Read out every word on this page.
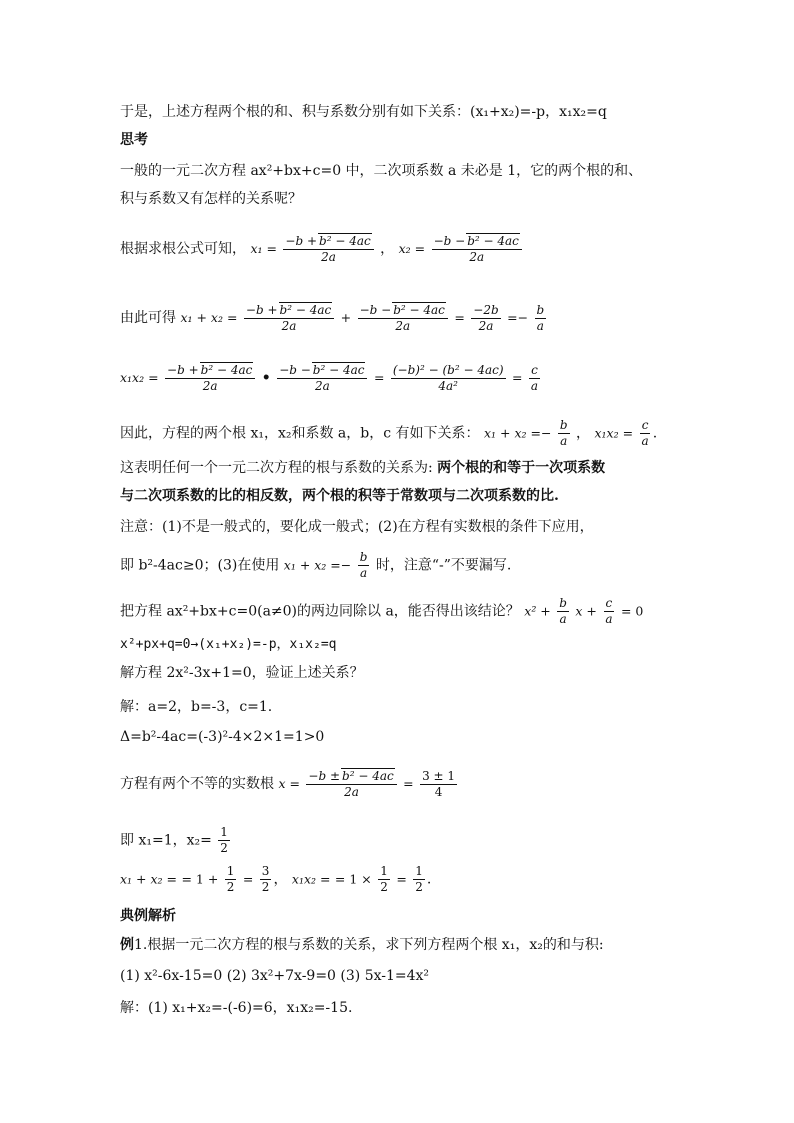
于是，上述方程两个根的和、积与系数分别有如下关系：(x₁+x₂)=-p，x₁x₂=q
思考
一般的一元二次方程 ax²+bx+c=0 中，二次项系数 a 未必是 1，它的两个根的和、
积与系数又有怎样的关系呢？
根据求根公式可知， $x_1 = \frac{\text{−b + b² − 4ac}}{2a}$ ， $x_2 = \frac{\text{−b − b² − 4ac}}{2a}$
由此可得 $x_1 + x_2 = \frac{\text{−b + b² − 4ac}}{2a} + \frac{\text{−b − b² − 4ac}}{2a} = \frac{-2b}{2a} =- \frac{b}{a}$
$x_1x_2 = \frac{\text{−b + b² − 4ac}}{2a}$ • $\frac{\text{−b − b² − 4ac}}{2a} = \frac{\text{(−b)² − (b² − 4ac)}}{\text{4a²}} = \frac{c}{a}$
因此，方程的两个根 x₁，x₂和系数 a，b，c 有如下关系： $x_1 + x_2 =- \frac{b}{a}$ ， $x_1x_2 = \frac{c}{a}$ .
这表明任何一个一元二次方程的根与系数的关系为: 两个根的和等于一次项系数
与二次项系数的比的相反数，两个根的积等于常数项与二次项系数的比.
注意：(1)不是一般式的，要化成一般式；(2)在方程有实数根的条件下应用，
即 b²-4ac≥0；(3)在使用 $x_1 + x_2 =- \frac{b}{a}$ 时，注意“-”不要漏写.
把方程 ax²+bx+c=0(a≠0)的两边同除以 a，能否得出该结论？ $x^2 + \frac{b}{a}$ $x + \frac{c}{a} = 0$
x²+px+q=0→(x₁+x₂)=-p，x₁x₂=q
解方程 2x²-3x+1=0，验证上述关系？
解：a=2，b=-3，c=1.
Δ=b²-4ac=(-3)²-4×2×1=1>0
方程有两个不等的实数根 $x = \frac{\text{−b ± b² − 4ac}}{2a} = \frac{3 \pm 1}{4}$
即 x₁=1，$x_2= \frac{1}{2}$
x₁ + x₂ = = $1 + \frac{1}{2} = \frac{3}{2}$ ， x₁x₂ = = $1 \times \frac{1}{2} = \frac{1}{2}$ .
典例解析
例1.根据一元二次方程的根与系数的关系，求下列方程两个根 x₁，x₂的和与积:
(1) x²-6x-15=0 (2) 3x²+7x-9=0 (3) 5x-1=4x²
解：(1) x₁+x₂=-(-6)=6，x₁x₂=-15.
